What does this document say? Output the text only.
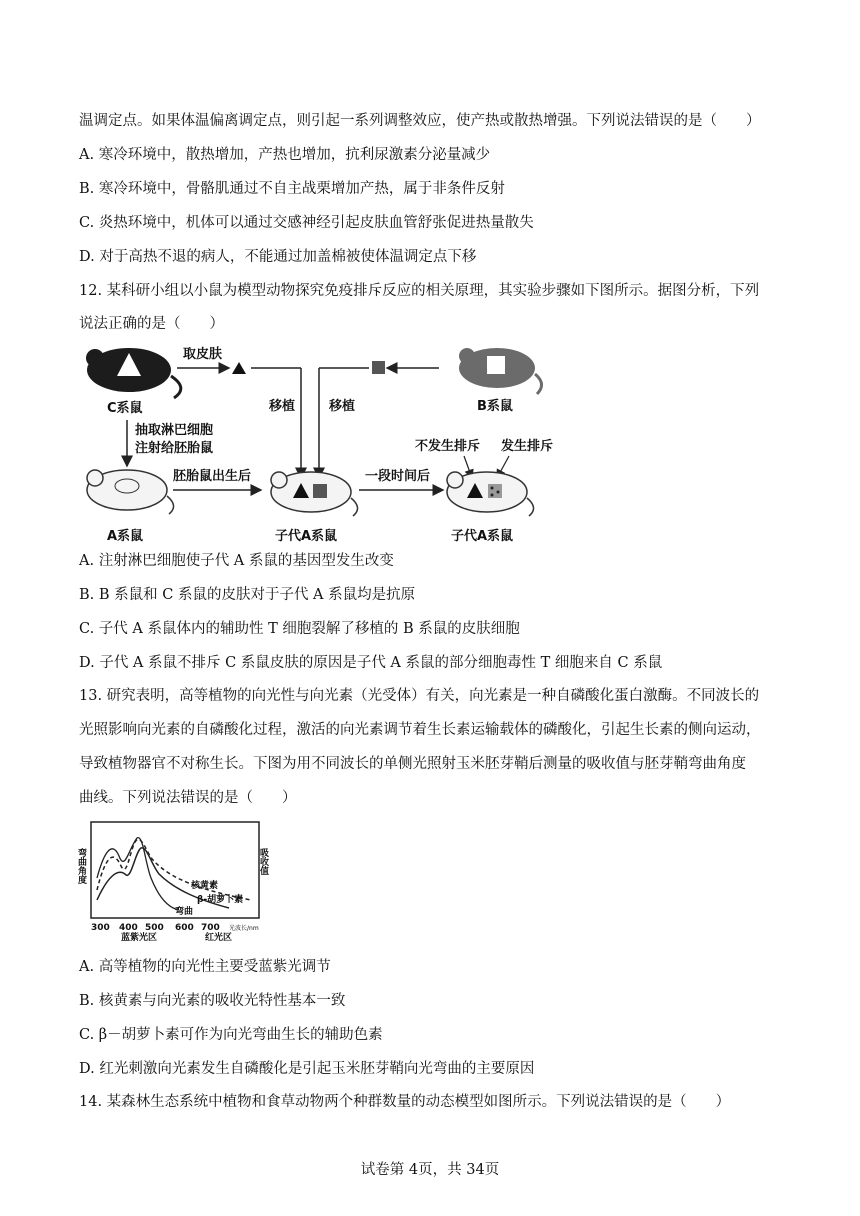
温调定点。如果体温偏离调定点，则引起一系列调整效应，使产热或散热增强。下列说法错误的是（　　）
A. 寒冷环境中，散热增加，产热也增加，抗利尿激素分泌量减少
B. 寒冷环境中，骨骼肌通过不自主战栗增加产热，属于非条件反射
C. 炎热环境中，机体可以通过交感神经引起皮肤血管舒张促进热量散失
D. 对于高热不退的病人，不能通过加盖棉被使体温调定点下移
12. 某科研小组以小鼠为模型动物探究免疫排斥反应的相关原理，其实验步骤如下图所示。据图分析，下列
说法正确的是（　　）
C系鼠
取皮肤
移植	移植	B系鼠
抽取淋巴细胞
注射给胚胎鼠
A系鼠
胚胎鼠出生后
子代A系鼠
一段时间后
不发生排斥 发生排斥
子代A系鼠
A. 注射淋巴细胞使子代 A 系鼠的基因型发生改变
B. B 系鼠和 C 系鼠的皮肤对于子代 A 系鼠均是抗原
C. 子代 A 系鼠体内的辅助性 T 细胞裂解了移植的 B 系鼠的皮肤细胞
D. 子代 A 系鼠不排斥 C 系鼠皮肤的原因是子代 A 系鼠的部分细胞毒性 T 细胞来自 C 系鼠
13. 研究表明，高等植物的向光性与向光素（光受体）有关，向光素是一种自磷酸化蛋白激酶。不同波长的
光照影响向光素的自磷酸化过程，激活的向光素调节着生长素运输载体的磷酸化，引起生长素的侧向运动，
导致植物器官不对称生长。下图为用不同波长的单侧光照射玉米胚芽鞘后测量的吸收值与胚芽鞘弯曲角度
曲线。下列说法错误的是（　　）
弯曲角度	吸收值
核黄素
β-胡萝卜素
弯曲
300 400 500 600 700 光波长/nm
蓝紫光区	红光区
A. 高等植物的向光性主要受蓝紫光调节
B. 核黄素与向光素的吸收光特性基本一致
C. β－胡萝卜素可作为向光弯曲生长的辅助色素
D. 红光刺激向光素发生自磷酸化是引起玉米胚芽鞘向光弯曲的主要原因
14. 某森林生态系统中植物和食草动物两个种群数量的动态模型如图所示。下列说法错误的是（　　）
试卷第 4页，共 34页
